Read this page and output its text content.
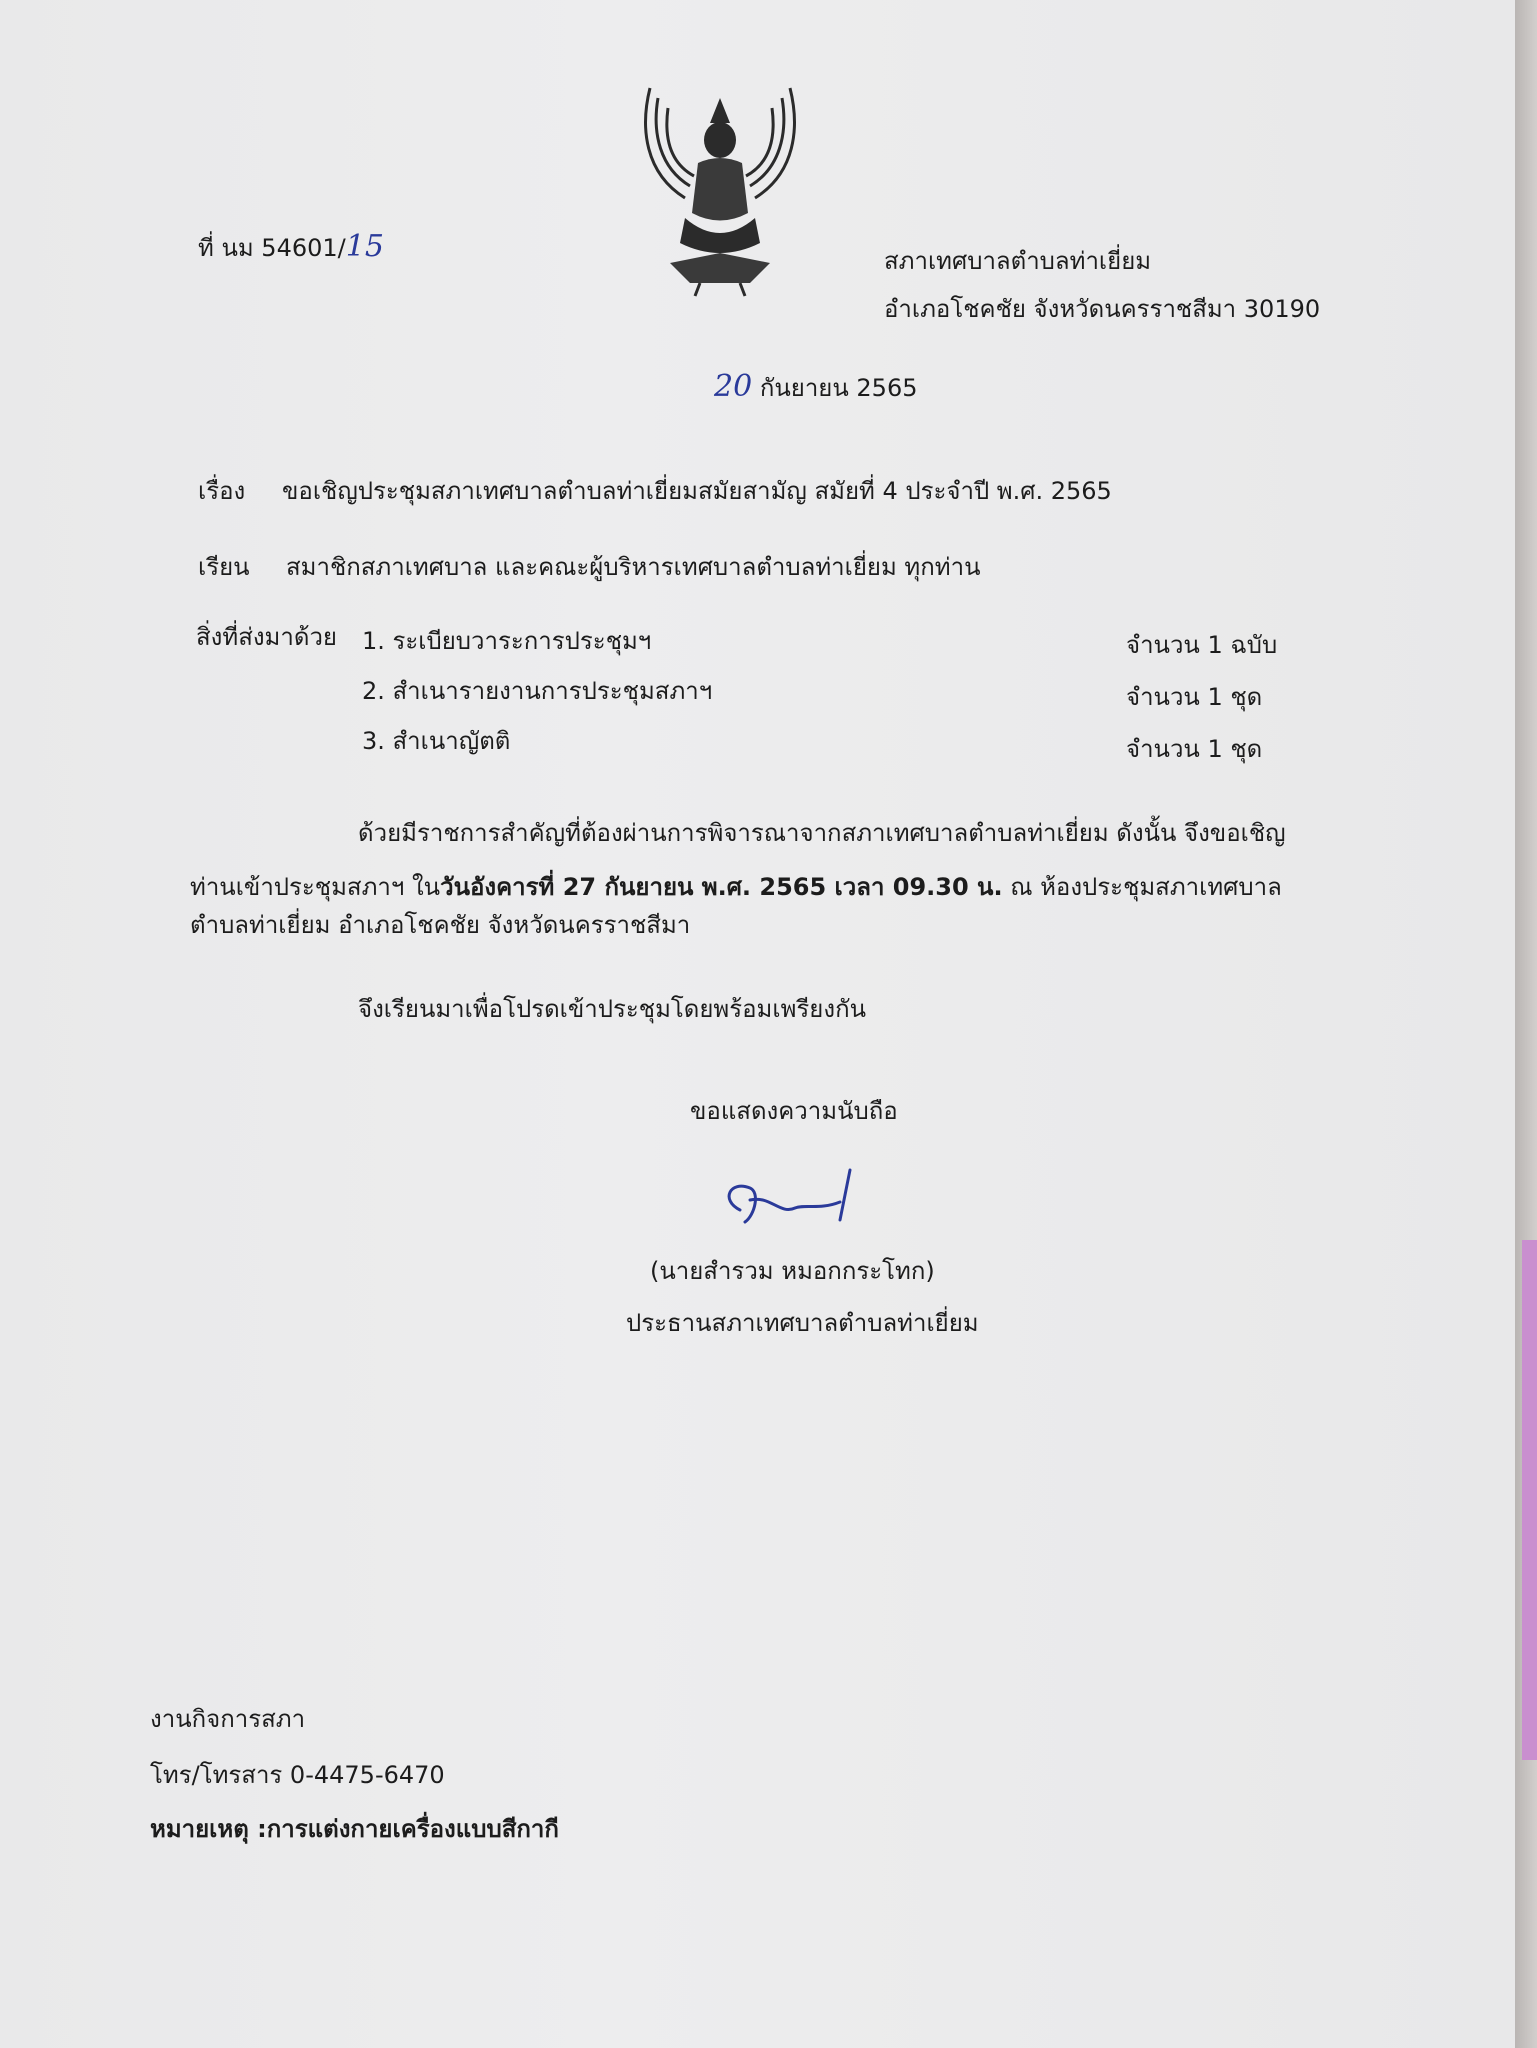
ที่ นม 54601/15	สภาเทศบาลตำบลท่าเยี่ยม
อำเภอโชคชัย จังหวัดนครราชสีมา 30190
20 กันยายน 2565
เรื่อง ขอเชิญประชุมสภาเทศบาลตำบลท่าเยี่ยมสมัยสามัญ สมัยที่ 4 ประจำปี พ.ศ. 2565
เรียน สมาชิกสภาเทศบาล และคณะผู้บริหารเทศบาลตำบลท่าเยี่ยม ทุกท่าน
สิ่งที่ส่งมาด้วย 1. ระเบียบวาระการประชุมฯ	จำนวน 1 ฉบับ
2. สำเนารายงานการประชุมสภาฯ	จำนวน 1 ชุด
3. สำเนาญัตติ	จำนวน 1 ชุด
ด้วยมีราชการสำคัญที่ต้องผ่านการพิจารณาจากสภาเทศบาลตำบลท่าเยี่ยม ดังนั้น จึงขอเชิญ
ท่านเข้าประชุมสภาฯ ในวันอังคารที่ 27 กันยายน พ.ศ. 2565 เวลา 09.30 น. ณ ห้องประชุมสภาเทศบาล
ตำบลท่าเยี่ยม อำเภอโชคชัย จังหวัดนครราชสีมา
จึงเรียนมาเพื่อโปรดเข้าประชุมโดยพร้อมเพรียงกัน
ขอแสดงความนับถือ
(นายสำรวม หมอกกระโทก)
ประธานสภาเทศบาลตำบลท่าเยี่ยม
งานกิจการสภา
โทร/โทรสาร 0-4475-6470
หมายเหตุ :การแต่งกายเครื่องแบบสีกากี
